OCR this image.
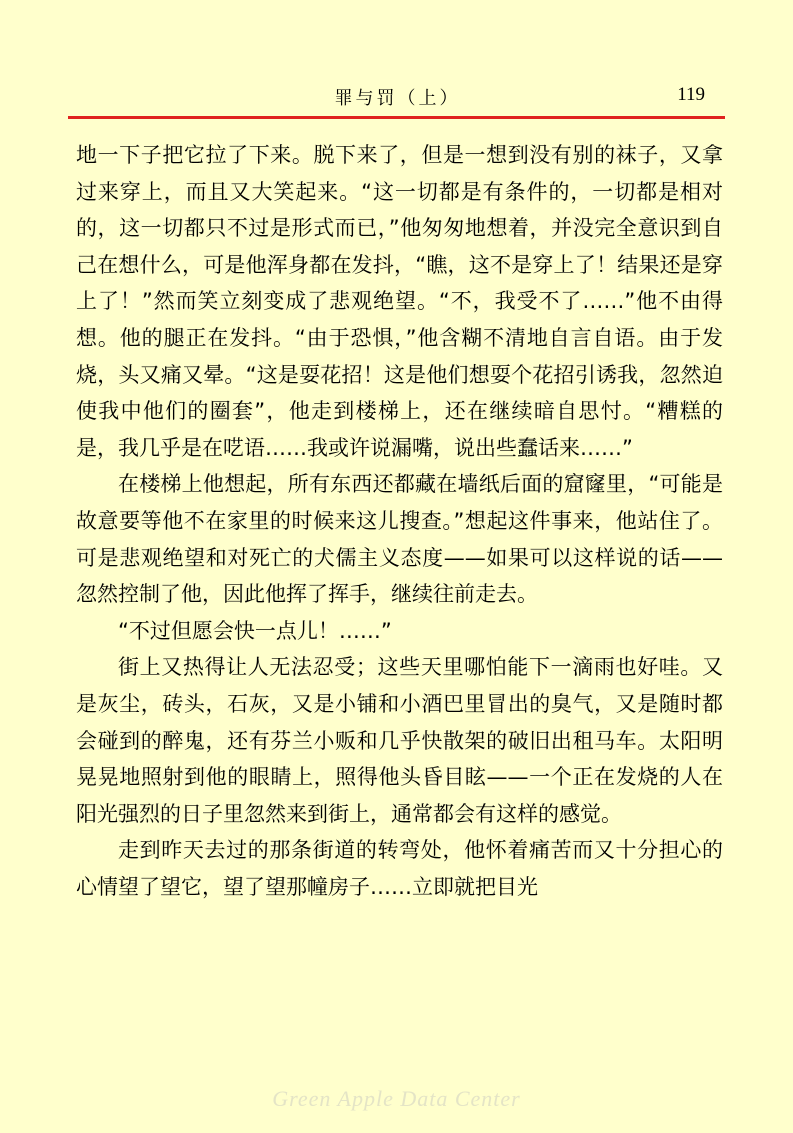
罪与罚（上）	119

地一下子把它拉了下来。脱下来了，但是一想到没有别的袜子，又拿过来穿上，而且又大笑起来。“这一切都是有条件的，一切都是相对的，这一切都只不过是形式而已，”他匆匆地想着，并没完全意识到自己在想什么，可是他浑身都在发抖，“瞧，这不是穿上了！结果还是穿上了！”然而笑立刻变成了悲观绝望。“不，我受不了……”他不由得想。他的腿正在发抖。“由于恐惧，”他含糊不清地自言自语。由于发烧，头又痛又晕。“这是耍花招！这是他们想耍个花招引诱我，忽然迫使我中他们的圈套”，他走到楼梯上，还在继续暗自思忖。“糟糕的是，我几乎是在呓语……我或许说漏嘴，说出些蠢话来……”

在楼梯上他想起，所有东西还都藏在墙纸后面的窟窿里，“可能是故意要等他不在家里的时候来这儿搜查。”想起这件事来，他站住了。可是悲观绝望和对死亡的犬儒主义态度——如果可以这样说的话——忽然控制了他，因此他挥了挥手，继续往前走去。

“不过但愿会快一点儿！……”

街上又热得让人无法忍受；这些天里哪怕能下一滴雨也好哇。又是灰尘，砖头，石灰，又是小铺和小酒巴里冒出的臭气，又是随时都会碰到的醉鬼，还有芬兰小贩和几乎快散架的破旧出租马车。太阳明晃晃地照射到他的眼睛上，照得他头昏目眩——一个正在发烧的人在阳光强烈的日子里忽然来到街上，通常都会有这样的感觉。

走到昨天去过的那条街道的转弯处，他怀着痛苦而又十分担心的心情望了望它，望了望那幢房子……立即就把目光

Green Apple Data Center
